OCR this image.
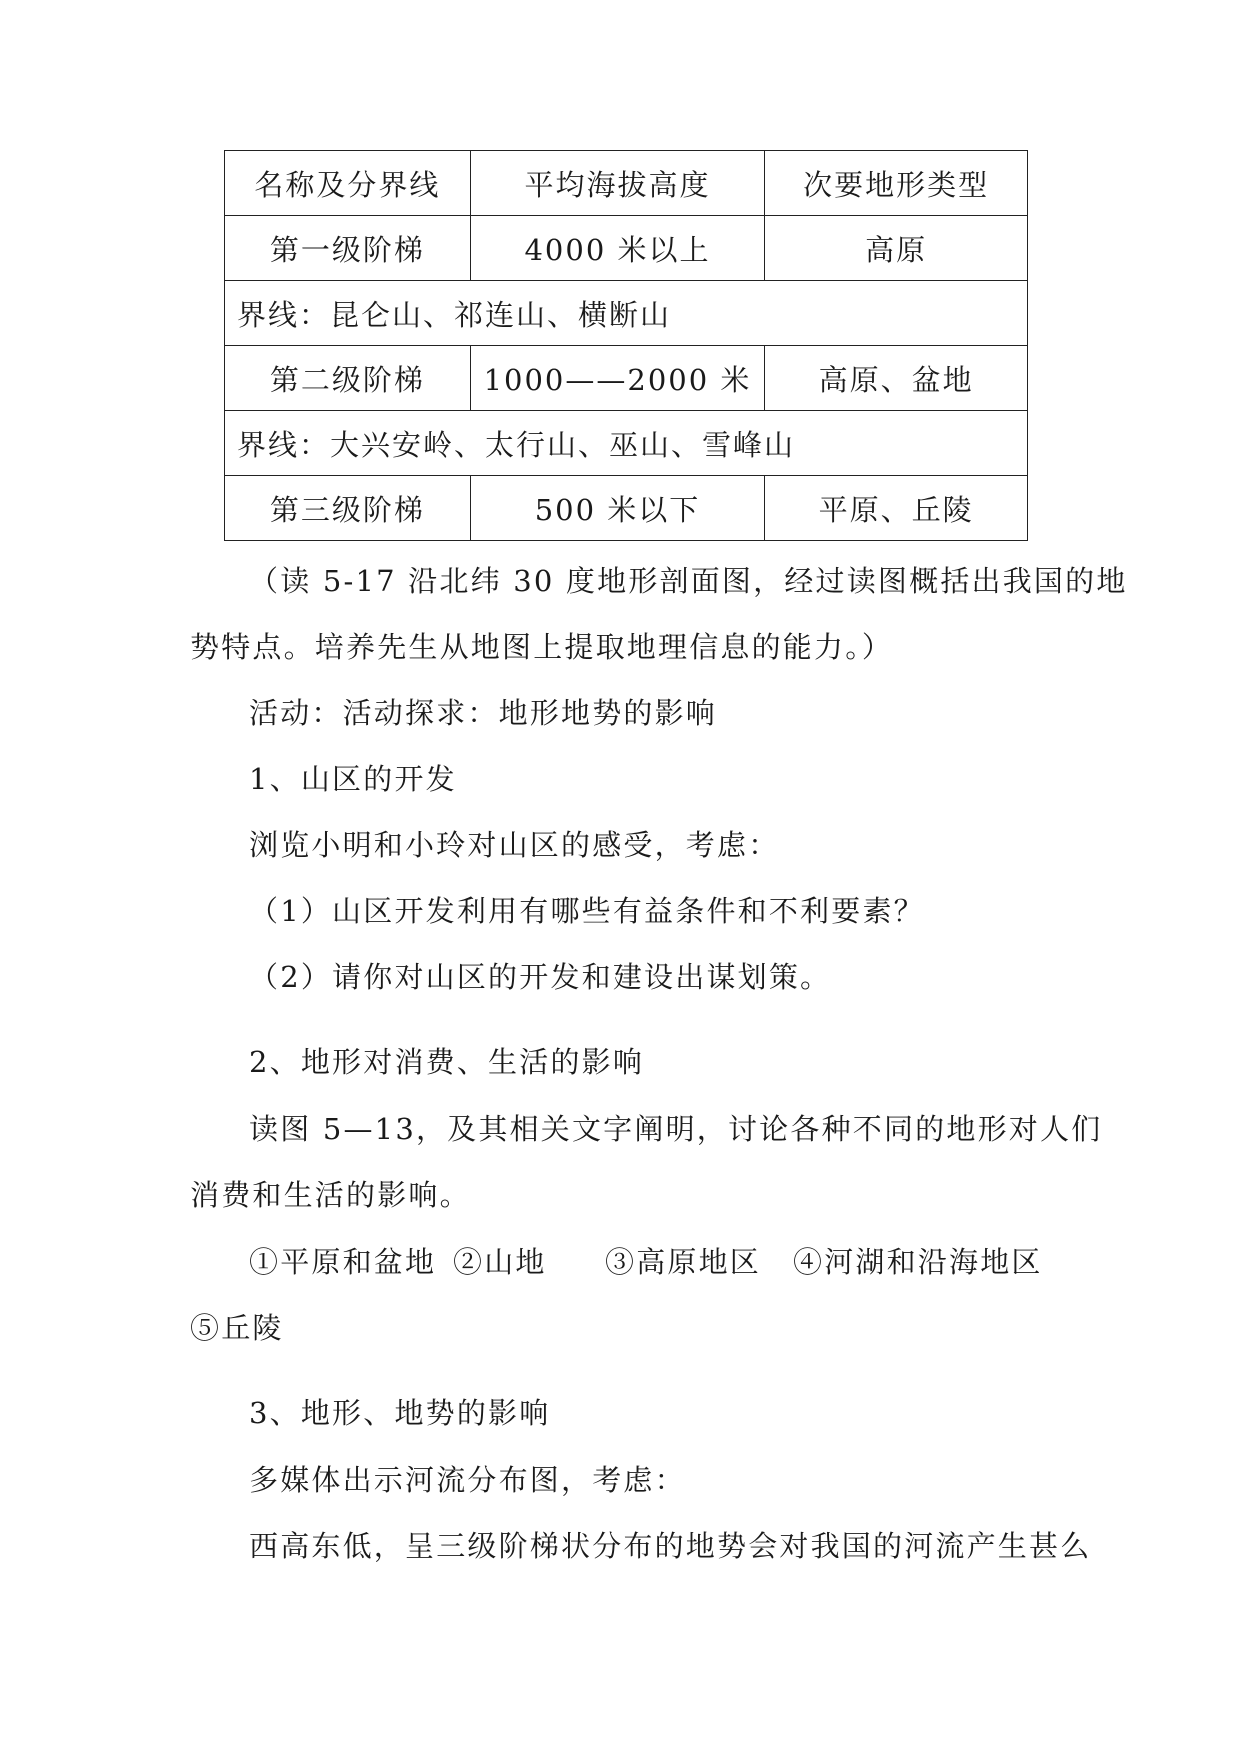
名称及分界线	平均海拔高度	次要地形类型
第一级阶梯	4000 米以上	高原
界线：昆仑山、祁连山、横断山		
第二级阶梯	1000——2000 米	高原、盆地
界线：大兴安岭、太行山、巫山、雪峰山		
第三级阶梯	500 米以下	平原、丘陵
（读 5-17 沿北纬 30 度地形剖面图，经过读图概括出我国的地
势特点。培养先生从地图上提取地理信息的能力。）
活动：活动探求：地形地势的影响
1、山区的开发
浏览小明和小玲对山区的感受，考虑：
（1）山区开发利用有哪些有益条件和不利要素？
（2）请你对山区的开发和建设出谋划策。
2、地形对消费、生活的影响
读图 5—13，及其相关文字阐明，讨论各种不同的地形对人们
消费和生活的影响。
①平原和盆地 ②山地 ③高原地区 ④河湖和沿海地区
⑤丘陵
3、地形、地势的影响
多媒体出示河流分布图，考虑：
西高东低，呈三级阶梯状分布的地势会对我国的河流产生甚么
